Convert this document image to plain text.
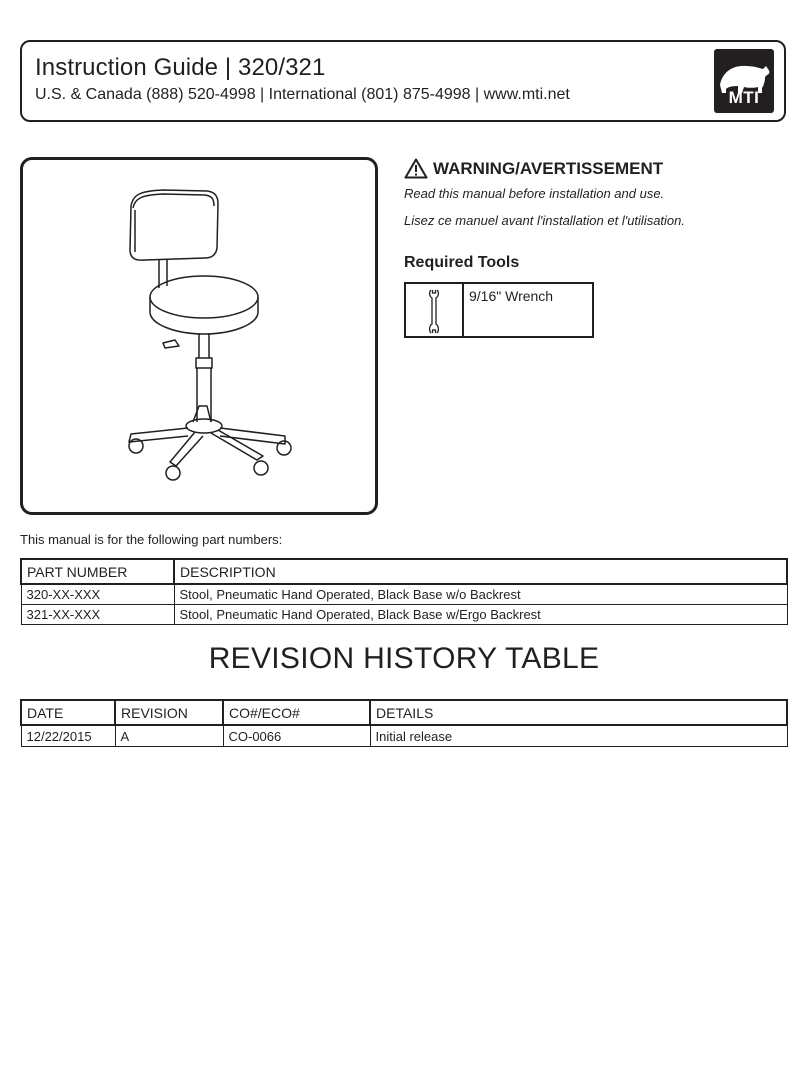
Instruction Guide | 320/321
U.S. & Canada (888) 520-4998 | International (801) 875-4998 | www.mti.net	MTI
WARNING/AVERTISSEMENT
Read this manual before installation and use.
Lisez ce manuel avant l'installation et l'utilisation.
Required Tools
9/16" Wrench
This manual is for the following part numbers:
PART NUMBER	DESCRIPTION
320-XX-XXX	Stool, Pneumatic Hand Operated, Black Base w/o Backrest
321-XX-XXX	Stool, Pneumatic Hand Operated, Black Base w/Ergo Backrest
REVISION HISTORY TABLE
DATE	REVISION	CO#/ECO#	DETAILS
12/22/2015	A	CO-0066	Initial release
